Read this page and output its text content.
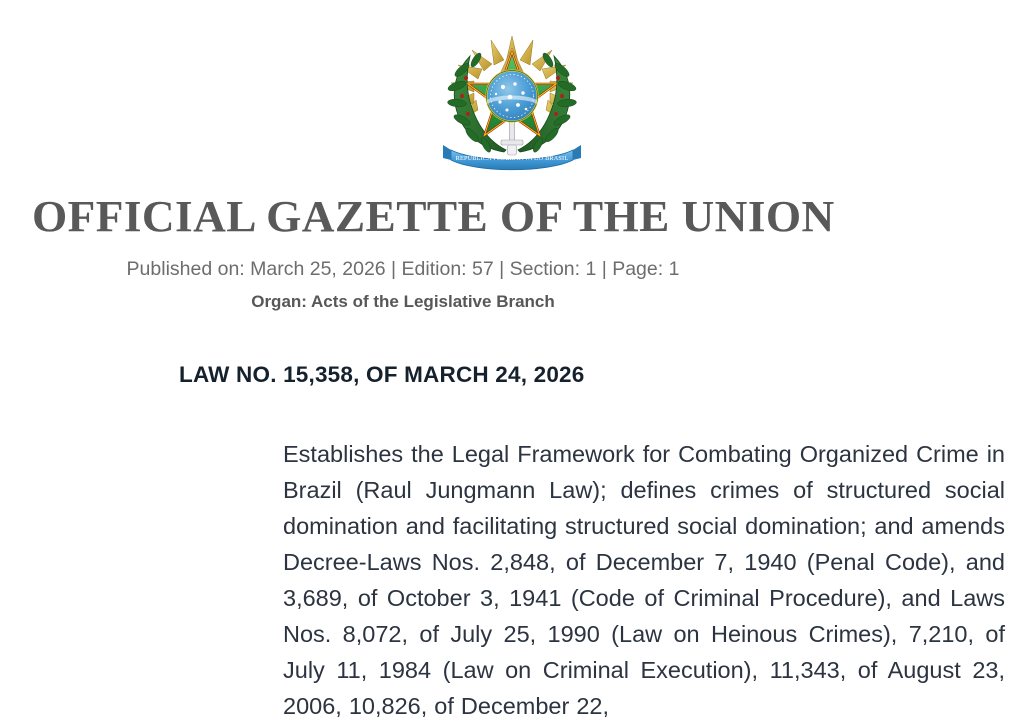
REPUBLICA FEDERATIVA DO BRASIL
OFFICIAL GAZETTE OF THE UNION
Published on: March 25, 2026 | Edition: 57 | Section: 1 | Page: 1
Organ: Acts of the Legislative Branch
LAW NO. 15,358, OF MARCH 24, 2026

Establishes the Legal Framework for Combating Organized Crime in Brazil (Raul Jungmann Law); defines crimes of structured social domination and facilitating structured social domination; and amends Decree-Laws Nos. 2,848, of December 7, 1940 (Penal Code), and 3,689, of October 3, 1941 (Code of Criminal Procedure), and Laws Nos. 8,072, of July 25, 1990 (Law on Heinous Crimes), 7,210, of July 11, 1984 (Law on Criminal Execution), 11,343, of August 23, 2006, 10,826, of December 22,
